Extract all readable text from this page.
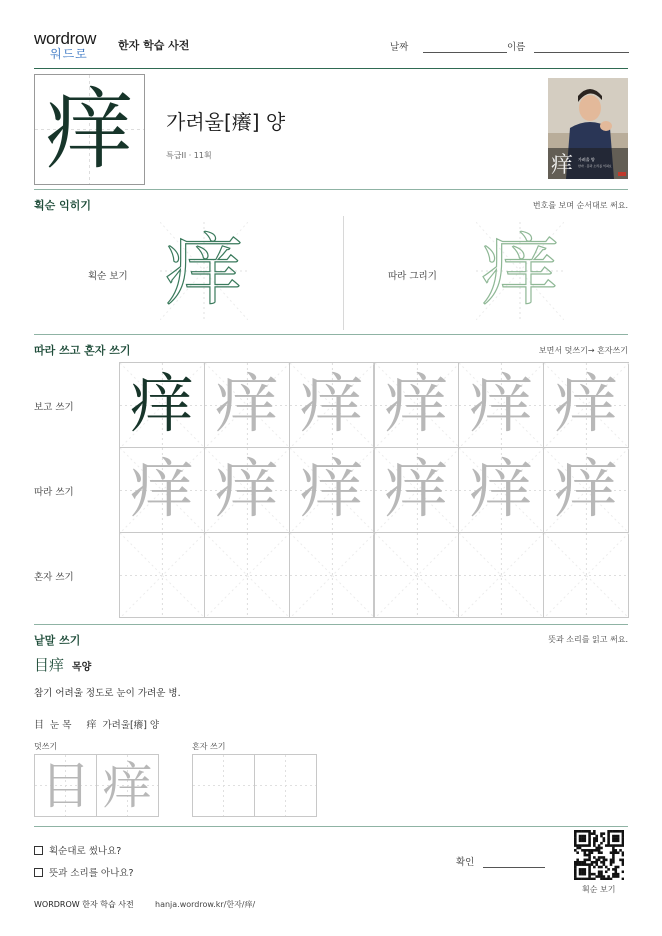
wordrow
워드로
한자 학습 사전	날짜	이름
痒	가려울[癢] 양
특급II · 11획	痒 가려울 양
한자 · 뜻과 소리를 익혀요
획순 익히기	번호를 보며 순서대로 써요.
획순 보기 痒	따라 그리기 痒
따라 쓰고 혼자 쓰기	보면서 덧쓰기→ 혼자쓰기
보고 쓰기
따라 쓰기
혼자 쓰기
痒 痒 痒 痒 痒 痒
痒 痒 痒 痒 痒 痒
낱말 쓰기	뜻과 소리를 읽고 써요.
目痒 목양
참기 어려울 정도로 눈이 가려운 병.
目 눈 목 痒 가려울[癢] 양
덧쓰기	혼자 쓰기
目 痒
획순대로 썼나요?
뜻과 소리를 아나요?
확인
획순 보기
WORDROW 한자 학습 사전	hanja.wordrow.kr/한자/痒/
